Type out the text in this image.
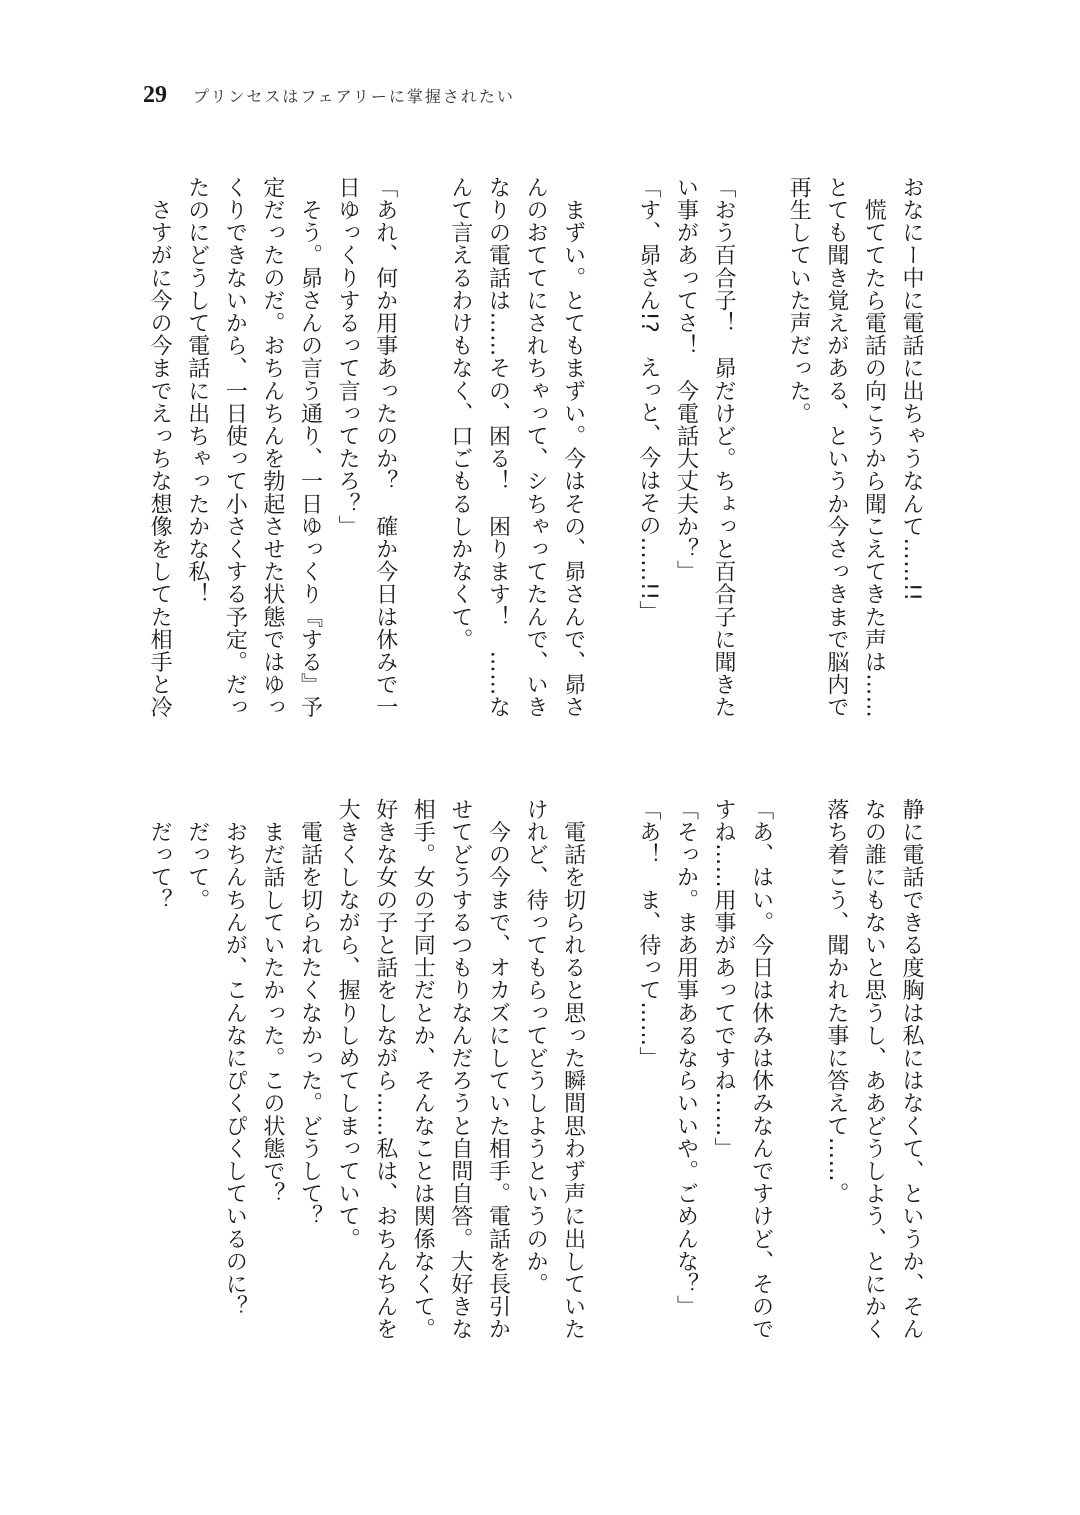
29 プリンセスはフェアリーに掌握されたい
おなにー中に電話に出ちゃうなんて……!!
　慌ててたら電話の向こうから聞こえてきた声は……
とても聞き覚えがある、というか今さっきまで脳内で
再生していた声だった。
「おう百合子！　昴だけど。ちょっと百合子に聞きた
い事があってさ！　今電話大丈夫か？」
「す、昴さん!?　えっと、今はその……!!」
　まずい。とてもまずい。今はその、昴さんで、昴さ
んのおててにされちゃって、シちゃってたんで、いき
なりの電話は……その、困る！　困ります！　……な
んて言えるわけもなく、口ごもるしかなくて。
「あれ、何か用事あったのか？　確か今日は休みで一
日ゆっくりするって言ってたろ？」
　そう。昴さんの言う通り、一日ゆっくり『する』予
定だったのだ。おちんちんを勃起させた状態ではゆっ
くりできないから、一日使って小さくする予定。だっ
たのにどうして電話に出ちゃったかな私！
　さすがに今の今までえっちな想像をしてた相手と冷
静に電話できる度胸は私にはなくて、というか、そん
なの誰にもないと思うし、ああどうしよう、とにかく
落ち着こう、聞かれた事に答えて……。
「あ、はい。今日は休みは休みなんですけど、そので
すね……用事があってですね……」
「そっか。まあ用事あるならいいや。ごめんな？」
「あ！　ま、待って……」
　電話を切られると思った瞬間思わず声に出していた
けれど、待ってもらってどうしようというのか。
　今の今まで、オカズにしていた相手。電話を長引か
せてどうするつもりなんだろうと自問自答。大好きな
相手。女の子同士だとか、そんなことは関係なくて。
好きな女の子と話をしながら……私は、おちんちんを
大きくしながら、握りしめてしまっていて。
　電話を切られたくなかった。どうして？
　まだ話していたかった。この状態で？
　おちんちんが、こんなにぴくぴくしているのに？
　だって。
　だって？
